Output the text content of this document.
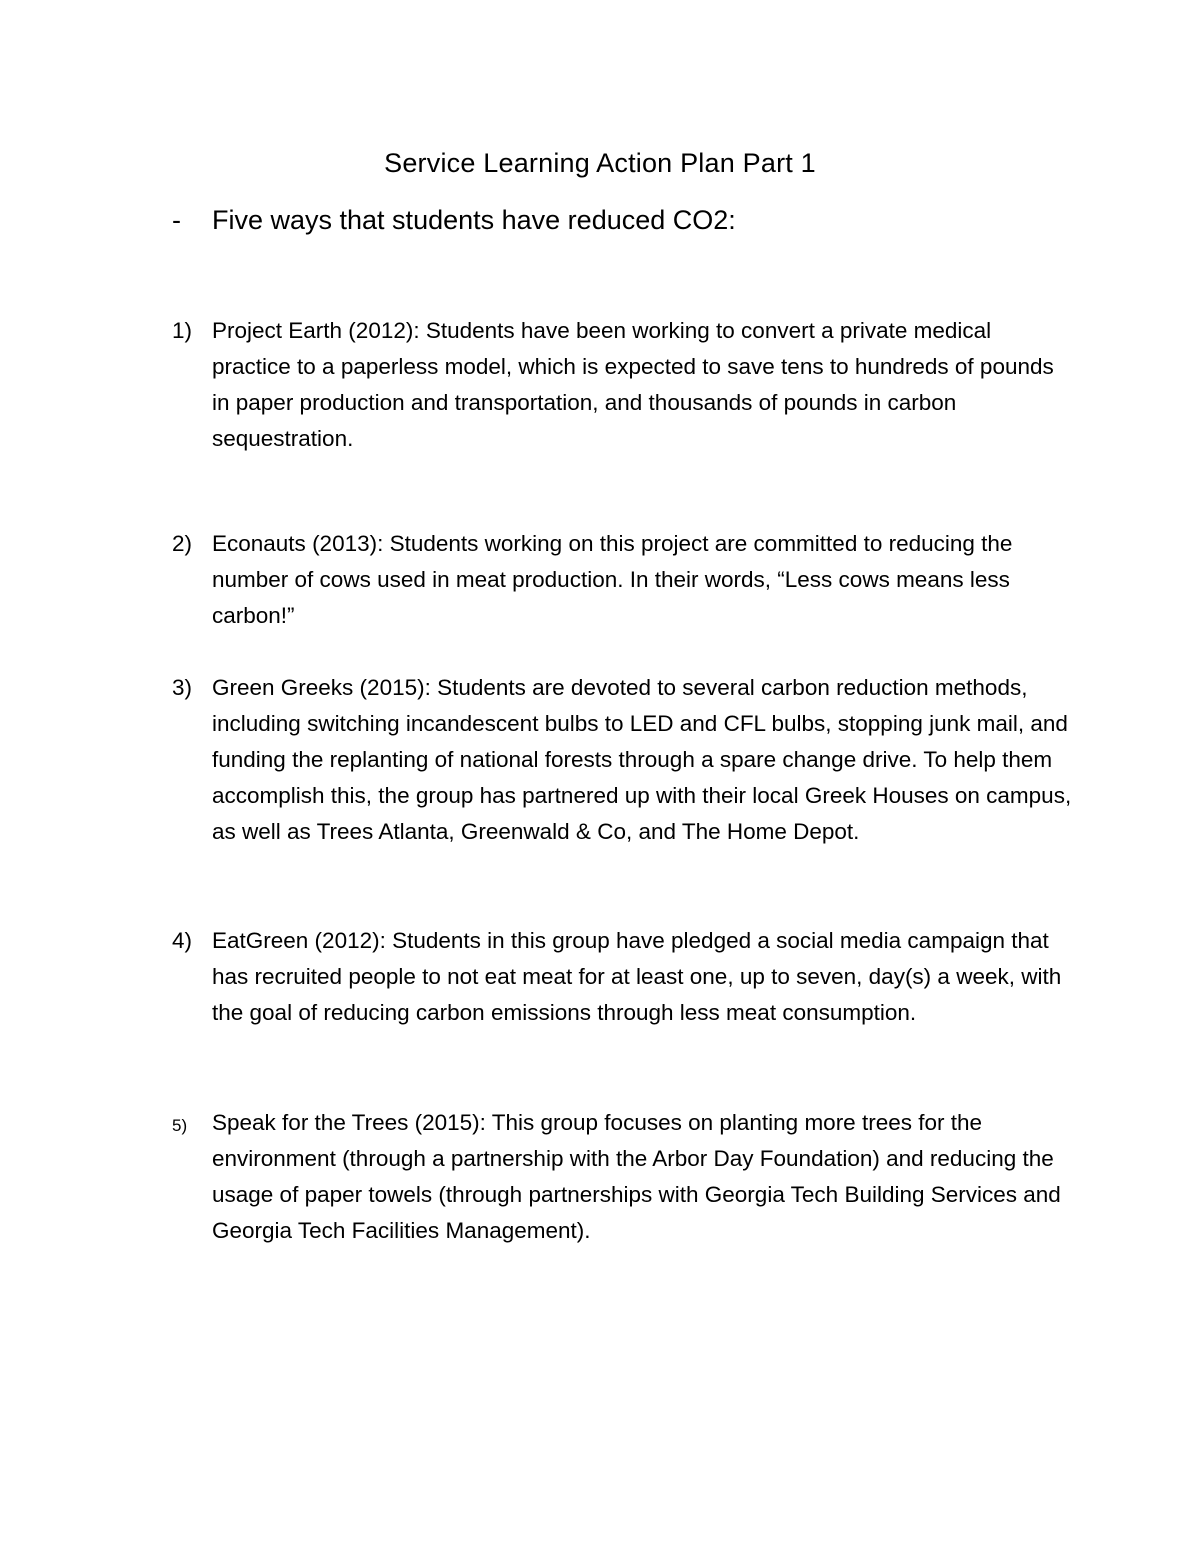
Service Learning Action Plan Part 1
- Five ways that students have reduced CO2:
1) Project Earth (2012): Students have been working to convert a private medical practice to a paperless model, which is expected to save tens to hundreds of pounds in paper production and transportation, and thousands of pounds in carbon sequestration.
2) Econauts (2013): Students working on this project are committed to reducing the number of cows used in meat production. In their words, “Less cows means less carbon!”
3) Green Greeks (2015): Students are devoted to several carbon reduction methods, including switching incandescent bulbs to LED and CFL bulbs, stopping junk mail, and funding the replanting of national forests through a spare change drive. To help them accomplish this, the group has partnered up with their local Greek Houses on campus, as well as Trees Atlanta, Greenwald & Co, and The Home Depot.
4) EatGreen (2012): Students in this group have pledged a social media campaign that has recruited people to not eat meat for at least one, up to seven, day(s) a week, with the goal of reducing carbon emissions through less meat consumption.
5)	Speak for the Trees (2015): This group focuses on planting more trees for the environment (through a partnership with the Arbor Day Foundation) and reducing the usage of paper towels (through partnerships with Georgia Tech Building Services and Georgia Tech Facilities Management).
